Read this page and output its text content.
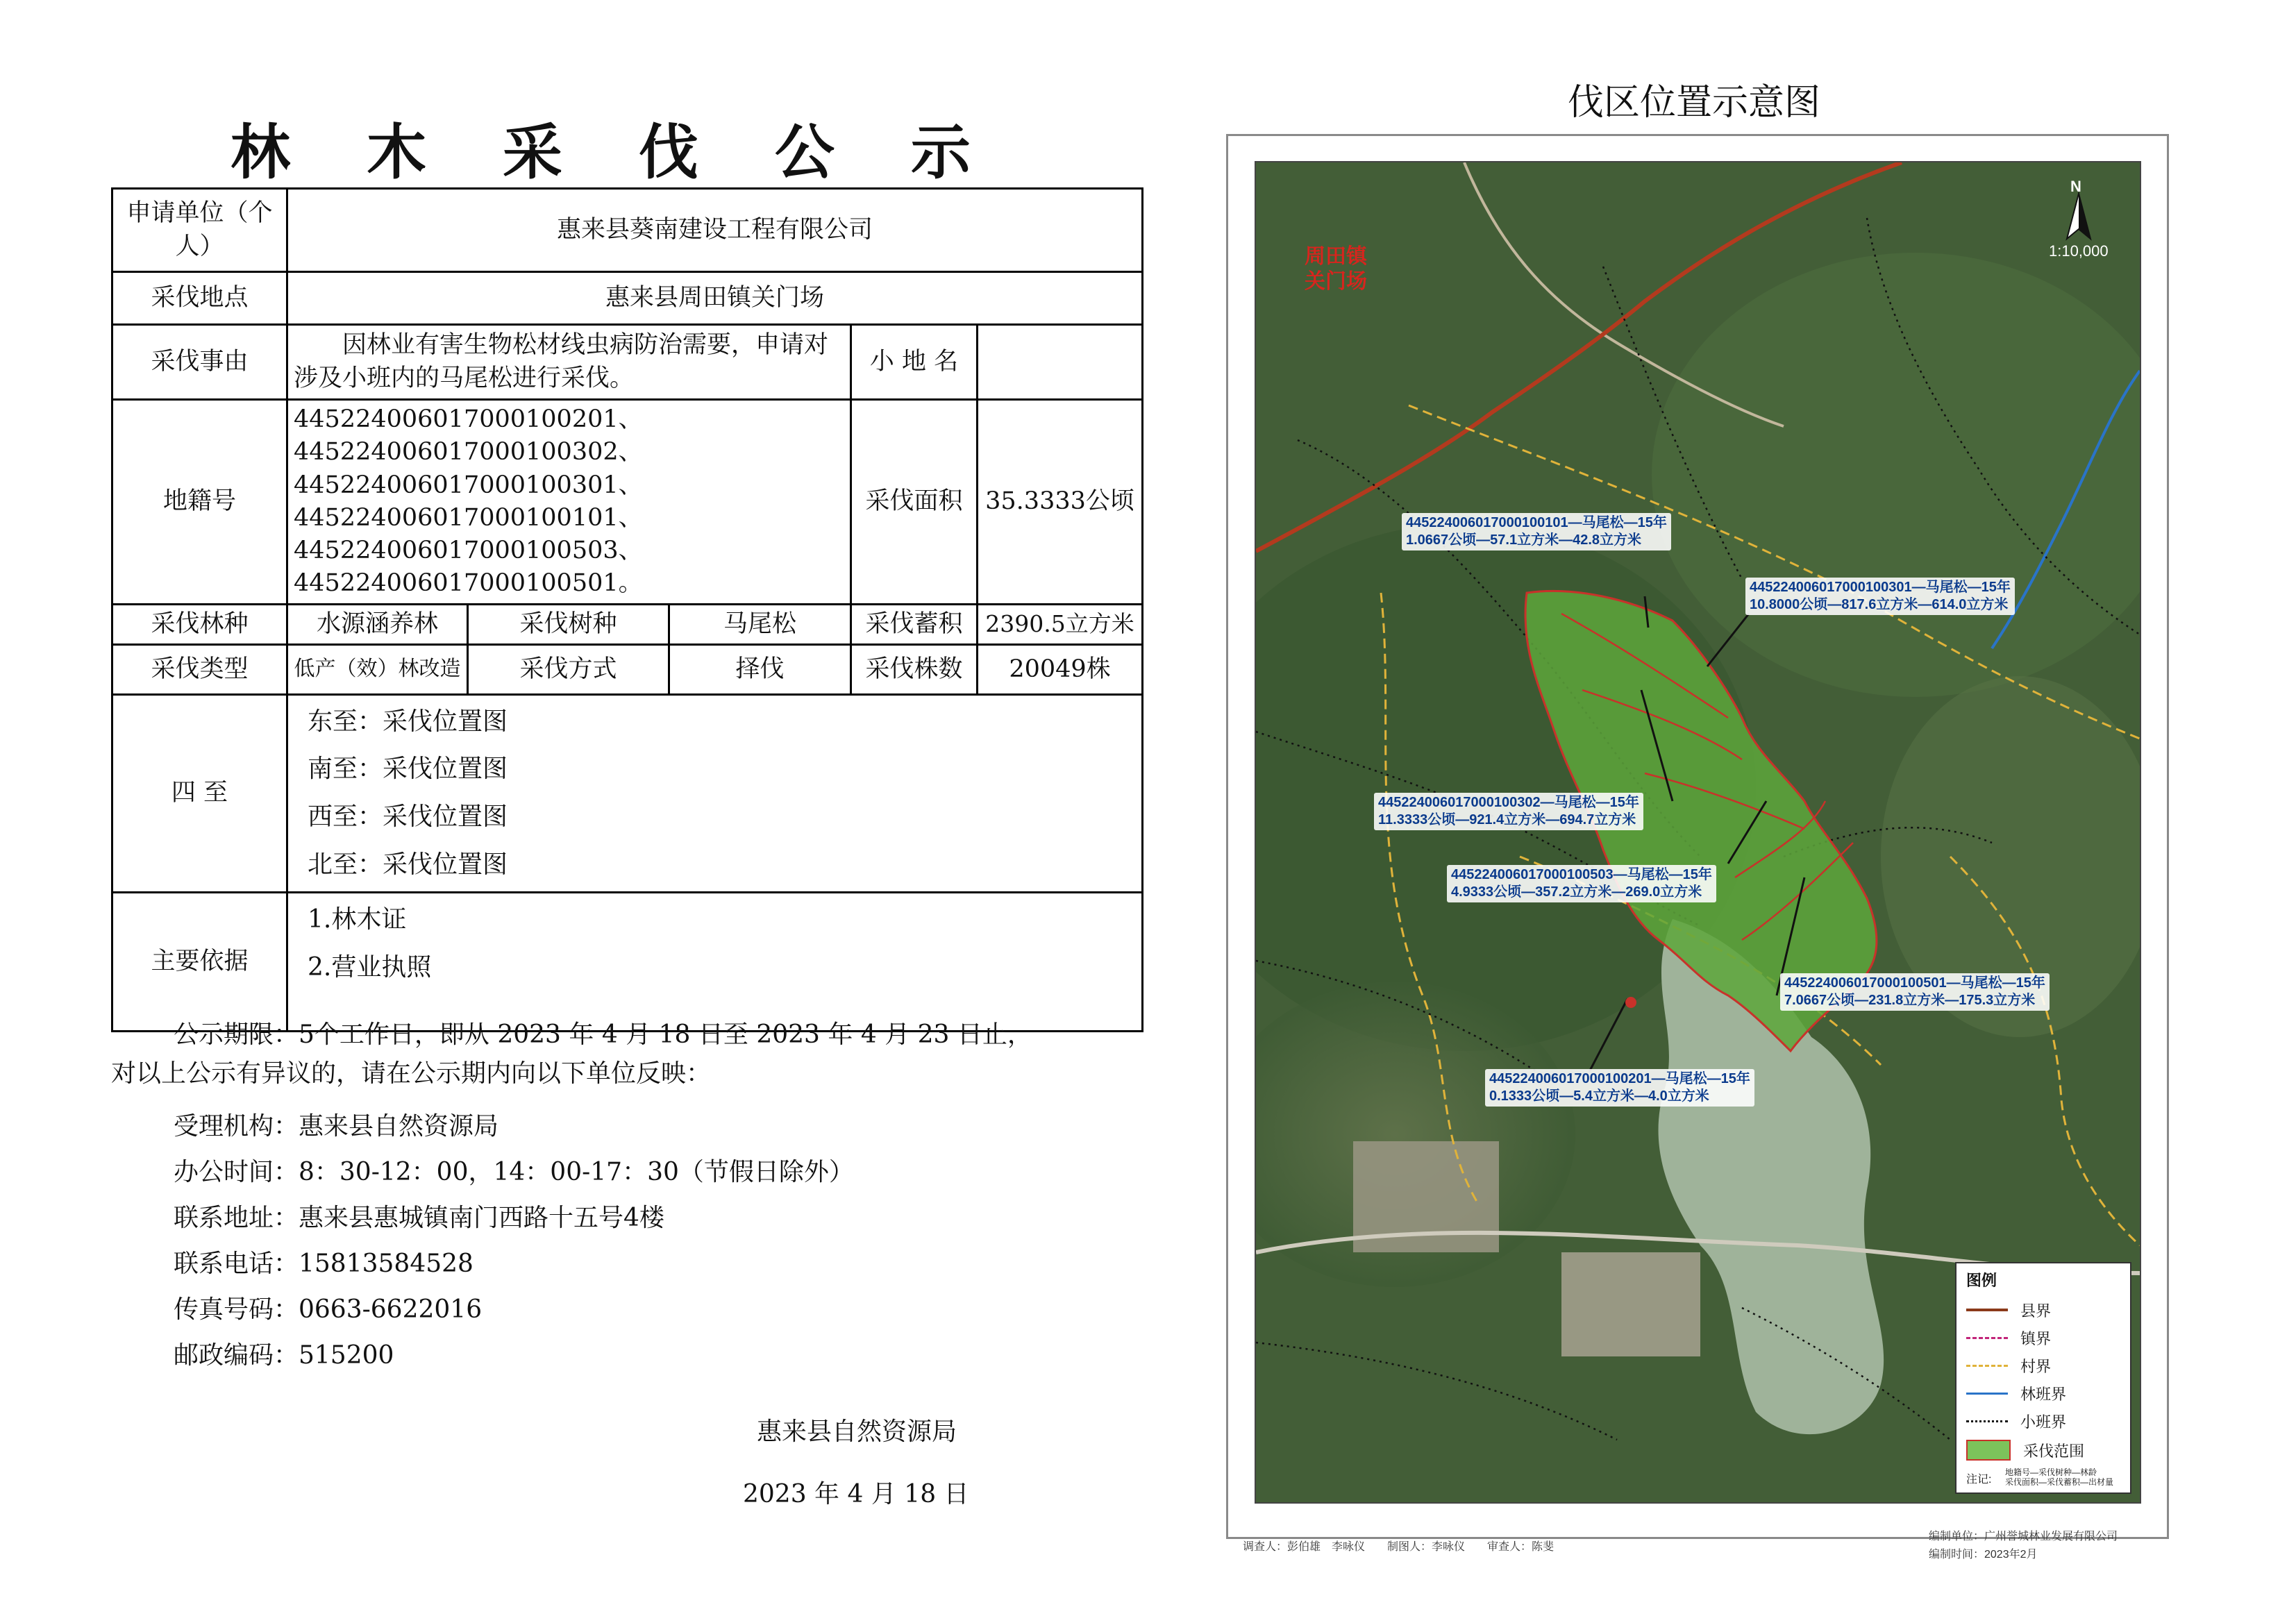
林 木 采 伐 公 示
申请单位（个人）	惠来县葵南建设工程有限公司				
采伐地点	惠来县周田镇关门场				
采伐事由	因林业有害生物松材线虫病防治需要，申请对涉及小班内的马尾松进行采伐。			小 地 名	
地籍号	445224006017000100201、445224006017000100302、
445224006017000100301、445224006017000100101、
445224006017000100503、445224006017000100501。			采伐面积	35.3333公顷
采伐林种	水源涵养林	采伐树种	马尾松	采伐蓄积	2390.5立方米
采伐类型	低产（效）林改造	采伐方式	择伐	采伐株数	20049株
四 至	东至：采伐位置图
南至：采伐位置图
西至：采伐位置图
北至：采伐位置图				

主要依据	1.林木证
2.营业执照				
公示期限：5个工作日，即从 2023 年 4 月 18 日至 2023 年 4 月 23 日止，
对以上公示有异议的，请在公示期内向以下单位反映：
受理机构：惠来县自然资源局
办公时间：8：30-12：00，14：00-17：30（节假日除外）
联系地址：惠来县惠城镇南门西路十五号4楼
联系电话：15813584528
传真号码：0663-6622016
邮政编码：515200
惠来县自然资源局
2023 年 4 月 18 日
伐区位置示意图
N
1:10,000
周田镇
关门场
445224006017000100101—马尾松—15年
1.0667公顷—57.1立方米—42.8立方米
445224006017000100301—马尾松—15年
10.8000公顷—817.6立方米—614.0立方米
445224006017000100302—马尾松—15年
11.3333公顷—921.4立方米—694.7立方米
445224006017000100503—马尾松—15年
4.9333公顷—357.2立方米—269.0立方米
445224006017000100501—马尾松—15年
7.0667公顷—231.8立方米—175.3立方米
445224006017000100201—马尾松—15年
0.1333公顷—5.4立方米—4.0立方米
图例
县界
镇界
村界
林班界
小班界
采伐范围
注记:
地籍号—采伐树种—林龄
采伐面积—采伐蓄积—出材量
调查人：彭伯雄　李咏仪　　制图人：李咏仪　　审查人：陈斐
编制单位：广州誉城林业发展有限公司
编制时间：2023年2月
